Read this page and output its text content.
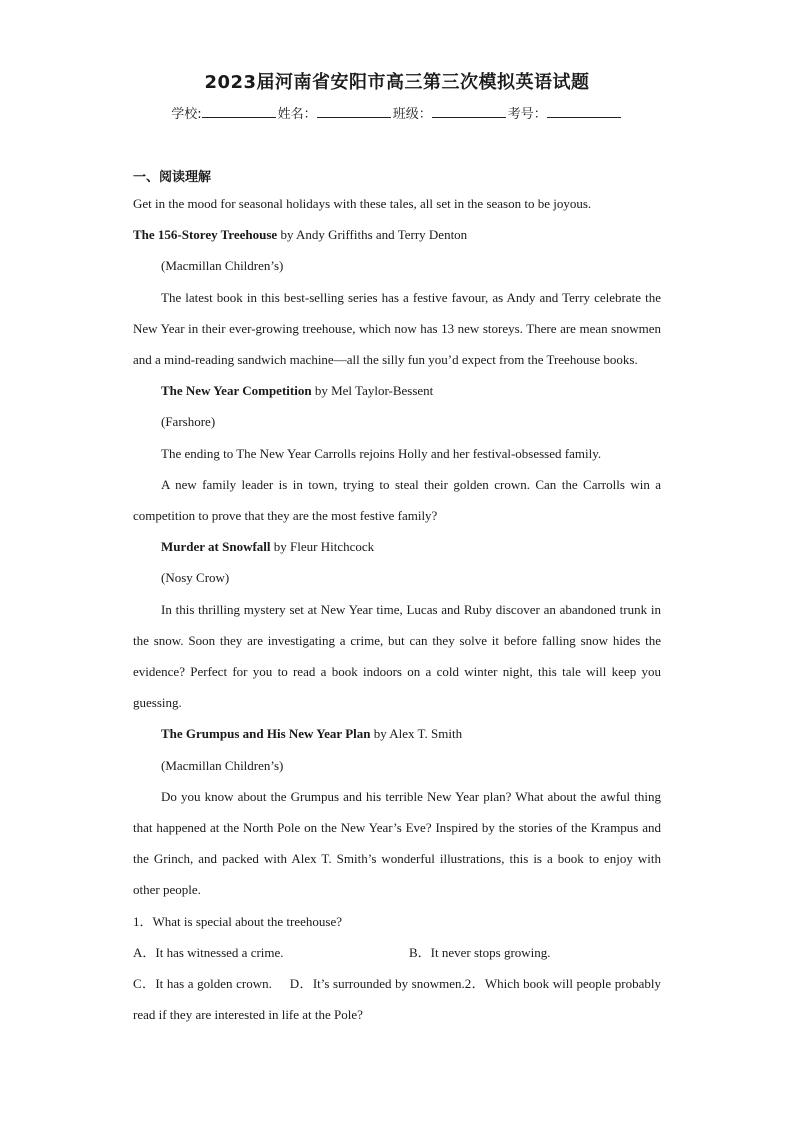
2023届河南省安阳市高三第三次模拟英语试题
学校:	姓名：	班级：	考号：
一、阅读理解

Get in the mood for seasonal holidays with these tales, all set in the season to be joyous.

The 156-Storey Treehouse by Andy Griffiths and Terry Denton

(Macmillan Children’s)

The latest book in this best-selling series has a festive favour, as Andy and Terry celebrate the New Year in their ever-growing treehouse, which now has 13 new storeys. There are mean snowmen and a mind-reading sandwich machine—all the silly fun you’d expect from the Treehouse books.

The New Year Competition by Mel Taylor-Bessent

(Farshore)

The ending to The New Year Carrolls rejoins Holly and her festival-obsessed family.

A new family leader is in town, trying to steal their golden crown. Can the Carrolls win a competition to prove that they are the most festive family?

Murder at Snowfall by Fleur Hitchcock

(Nosy Crow)

In this thrilling mystery set at New Year time, Lucas and Ruby discover an abandoned trunk in the snow. Soon they are investigating a crime, but can they solve it before falling snow hides the evidence? Perfect for you to read a book indoors on a cold winter night, this tale will keep you guessing.

The Grumpus and His New Year Plan by Alex T. Smith

(Macmillan Children’s)

Do you know about the Grumpus and his terrible New Year plan? What about the awful thing that happened at the North Pole on the New Year’s Eve? Inspired by the stories of the Krampus and the Grinch, and packed with Alex T. Smith’s wonderful illustrations, this is a book to enjoy with other people.

1．What is special about the treehouse?

A．It has witnessed a crime.	B．It never stops growing.

C．It has a golden crown. D．It’s surrounded by snowmen.2．Which book will people probably read if they are interested in life at the Pole?
